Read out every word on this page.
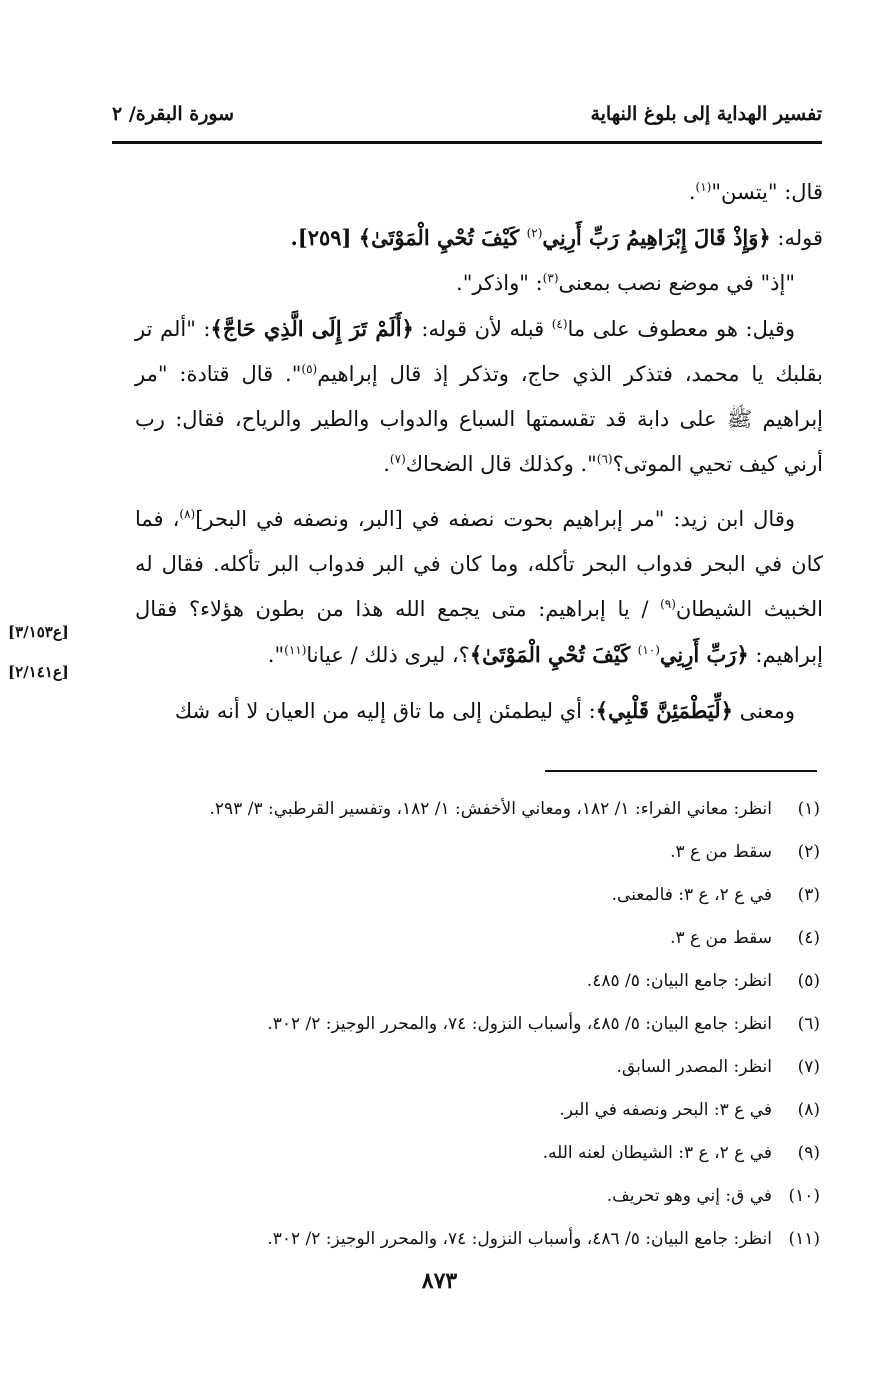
تفسير الهداية إلى بلوغ النهاية
سورة البقرة/ ٢

قال: "يتسن"$^{(١)}$.

قوله: ﴿وَإِذْ قَالَ إِبْرَاهِيمُ رَبِّ أَرِنِي$^{(٢)}$ كَيْفَ تُحْيِ الْمَوْتَىٰ﴾ [٢٥٩].

"إذ" في موضع نصب بمعنى$^{(٣)}$: "واذكر".

وقيل: هو معطوف على ما$^{(٤)}$ قبله لأن قوله: ﴿أَلَمْ تَرَ إِلَى الَّذِي حَاجَّ﴾: "ألم تر بقلبك يا محمد، فتذكر الذي حاج، وتذكر إذ قال إبراهيم$^{(٥)}$". قال قتادة: "مر إبراهيم ﷺ على دابة قد تقسمتها السباع والدواب والطير والرياح، فقال: رب أرني كيف تحيي الموتى؟$^{(٦)}$". وكذلك قال الضحاك$^{(٧)}$.

وقال ابن زيد: "مر إبراهيم بحوت نصفه في [البر، ونصفه في البحر]$^{(٨)}$، فما كان في البحر فدواب البحر تأكله، وما كان في البر فدواب البر تأكله. فقال له الخبيث الشيطان$^{(٩)}$ / يا إبراهيم: متى يجمع الله هذا من بطون هؤلاء؟ فقال إبراهيم: ﴿رَبِّ أَرِنِي$^{(١٠)}$ كَيْفَ تُحْيِ الْمَوْتَىٰ﴾؟، ليرى ذلك / عيانا$^{(١١)}$".

ومعنى ﴿لِّيَطْمَئِنَّ قَلْبِي﴾: أي ليطمئن إلى ما تاق إليه من العيان لا أنه شك

[ع٣/١٥٣]
[ع٢/١٤١]
(١)انظر: معاني الفراء: ١/ ١٨٢، ومعاني الأخفش: ١/ ١٨٢، وتفسير القرطبي: ٣/ ٢٩٣.
(٢)سقط من ع ٣.
(٣)في ع ٢، ع ٣: فالمعنى.
(٤)سقط من ع ٣.
(٥)انظر: جامع البيان: ٥/ ٤٨٥.
(٦)انظر: جامع البيان: ٥/ ٤٨٥، وأسباب النزول: ٧٤، والمحرر الوجيز: ٢/ ٣٠٢.
(٧)انظر: المصدر السابق.
(٨)في ع ٣: البحر ونصفه في البر.
(٩)في ع ٢، ع ٣: الشيطان لعنه الله.
(١٠)في ق: إني وهو تحريف.
(١١)انظر: جامع البيان: ٥/ ٤٨٦، وأسباب النزول: ٧٤، والمحرر الوجيز: ٢/ ٣٠٢.
٨٧٣
